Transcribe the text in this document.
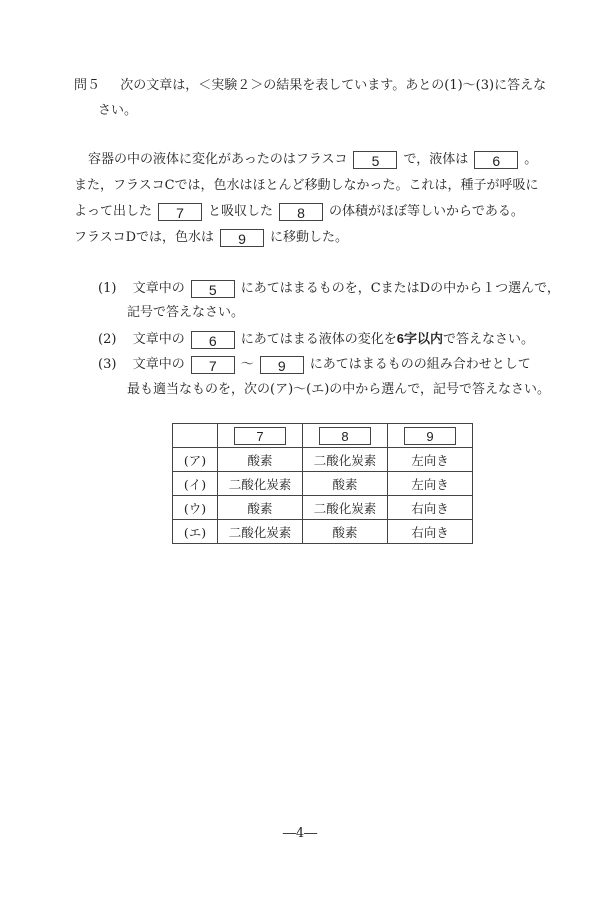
問５ 次の文章は，＜実験２＞の結果を表しています。あとの(1)～(3)に答えな
さい。
容器の中の液体に変化があったのはフラスコ 5 で，液体は 6 。
また，フラスコCでは，色水はほとんど移動しなかった。これは，種子が呼吸に
よって出した 7 と吸収した 8 の体積がほぼ等しいからである。
フラスコDでは，色水は 9 に移動した。
(1) 文章中の 5 にあてはまるものを，CまたはDの中から１つ選んで，
記号で答えなさい。
(2) 文章中の 6 にあてはまる液体の変化を6字以内で答えなさい。
(3) 文章中の 7 ～ 9 にあてはまるものの組み合わせとして
最も適当なものを，次の(ア)～(エ)の中から選んで，記号で答えなさい。
	7	8	9
(ア)	酸素	二酸化炭素	左向き
(イ)	二酸化炭素	酸素	左向き
(ウ)	酸素	二酸化炭素	右向き
(エ)	二酸化炭素	酸素	右向き
―4―
